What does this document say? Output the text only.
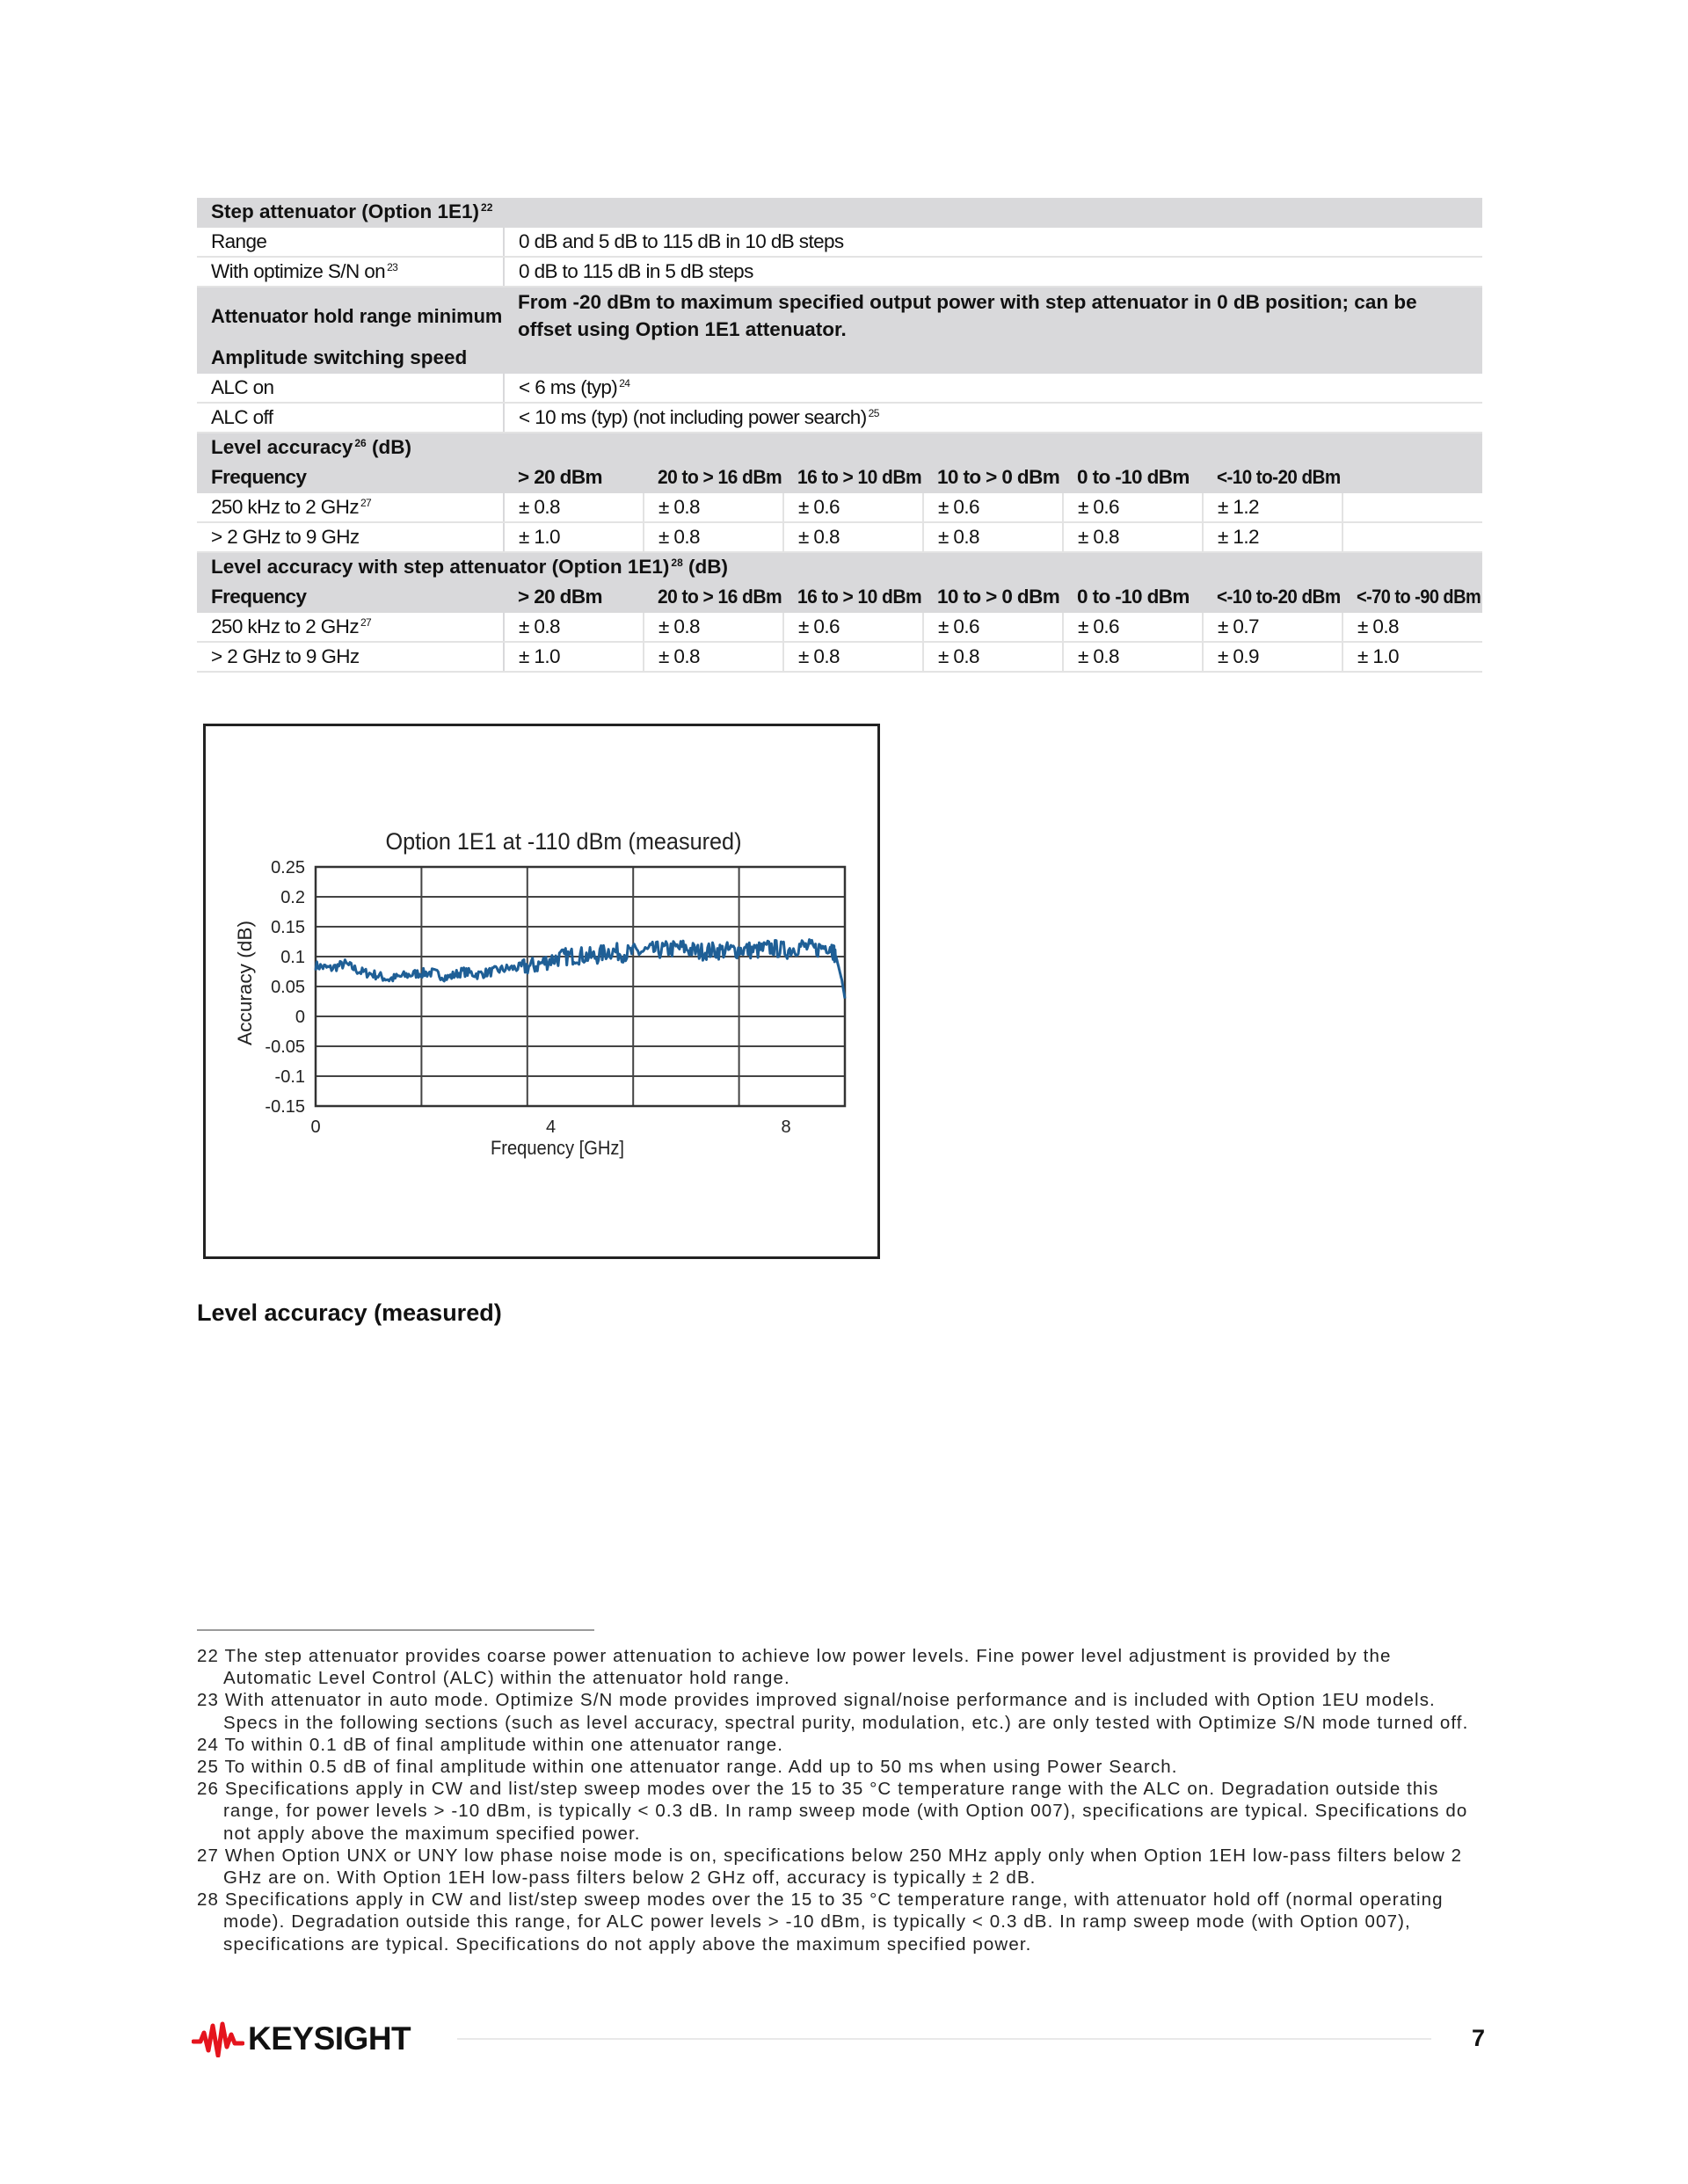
Step attenuator (Option 1E1) $^{22}$
Range	0 dB and 5 dB to 115 dB in 10 dB steps						
With optimize S/N on $^{23}$	0 dB to 115 dB in 5 dB steps						
Attenuator hold range minimum	From -20 dBm to maximum specified output power with step attenuator in 0 dB position; can be offset using Option 1E1 attenuator.						
Amplitude switching speed							
ALC on	< 6 ms (typ) $^{24}$
ALC off	< 10 ms (typ) (not including power search) $^{25}$
Level accuracy $^{26}$ (dB)							
Frequency	> 20 dBm	20 to > 16 dBm	16 to > 10 dBm	10 to > 0 dBm	0 to -10 dBm	<-10 to-20 dBm	
250 kHz to 2 GHz $^{27}$	± 0.8	± 0.8	± 0.6	± 0.6	± 0.6	± 1.2	
> 2 GHz to 9 GHz	± 1.0	± 0.8	± 0.8	± 0.8	± 0.8	± 1.2	
Level accuracy with step attenuator (Option 1E1) $^{28}$ (dB)							
Frequency	> 20 dBm	20 to > 16 dBm	16 to > 10 dBm	10 to > 0 dBm	0 to -10 dBm	<-10 to-20 dBm	<-70 to -90 dBm
250 kHz to 2 GHz $^{27}$	± 0.8	± 0.8	± 0.6	± 0.6	± 0.6	± 0.7	± 0.8
> 2 GHz to 9 GHz	± 1.0	± 0.8	± 0.8	± 0.8	± 0.8	± 0.9	± 1.0
Option 1E1 at -110 dBm (measured)
Frequency [GHz]
Accuracy (dB)
0.25
0.2
0.15
0.1
0.05
0
-0.05
-0.1
-0.15
0	4	8
Level accuracy (measured)
22 The step attenuator provides coarse power attenuation to achieve low power levels. Fine power level adjustment is provided by the Automatic Level Control (ALC) within the attenuator hold range.
23 With attenuator in auto mode. Optimize S/N mode provides improved signal/noise performance and is included with Option 1EU models. Specs in the following sections (such as level accuracy, spectral purity, modulation, etc.) are only tested with Optimize S/N mode turned off.
24 To within 0.1 dB of final amplitude within one attenuator range.
25 To within 0.5 dB of final amplitude within one attenuator range. Add up to 50 ms when using Power Search.
26 Specifications apply in CW and list/step sweep modes over the 15 to 35 °C temperature range with the ALC on. Degradation outside this range, for power levels > -10 dBm, is typically < 0.3 dB. In ramp sweep mode (with Option 007), specifications are typical. Specifications do not apply above the maximum specified power.
27 When Option UNX or UNY low phase noise mode is on, specifications below 250 MHz apply only when Option 1EH low-pass filters below 2 GHz are on. With Option 1EH low-pass filters below 2 GHz off, accuracy is typically ± 2 dB.
28 Specifications apply in CW and list/step sweep modes over the 15 to 35 °C temperature range, with attenuator hold off (normal operating mode). Degradation outside this range, for ALC power levels > -10 dBm, is typically < 0.3 dB. In ramp sweep mode (with Option 007), specifications are typical. Specifications do not apply above the maximum specified power.
KEYSIGHT	7
